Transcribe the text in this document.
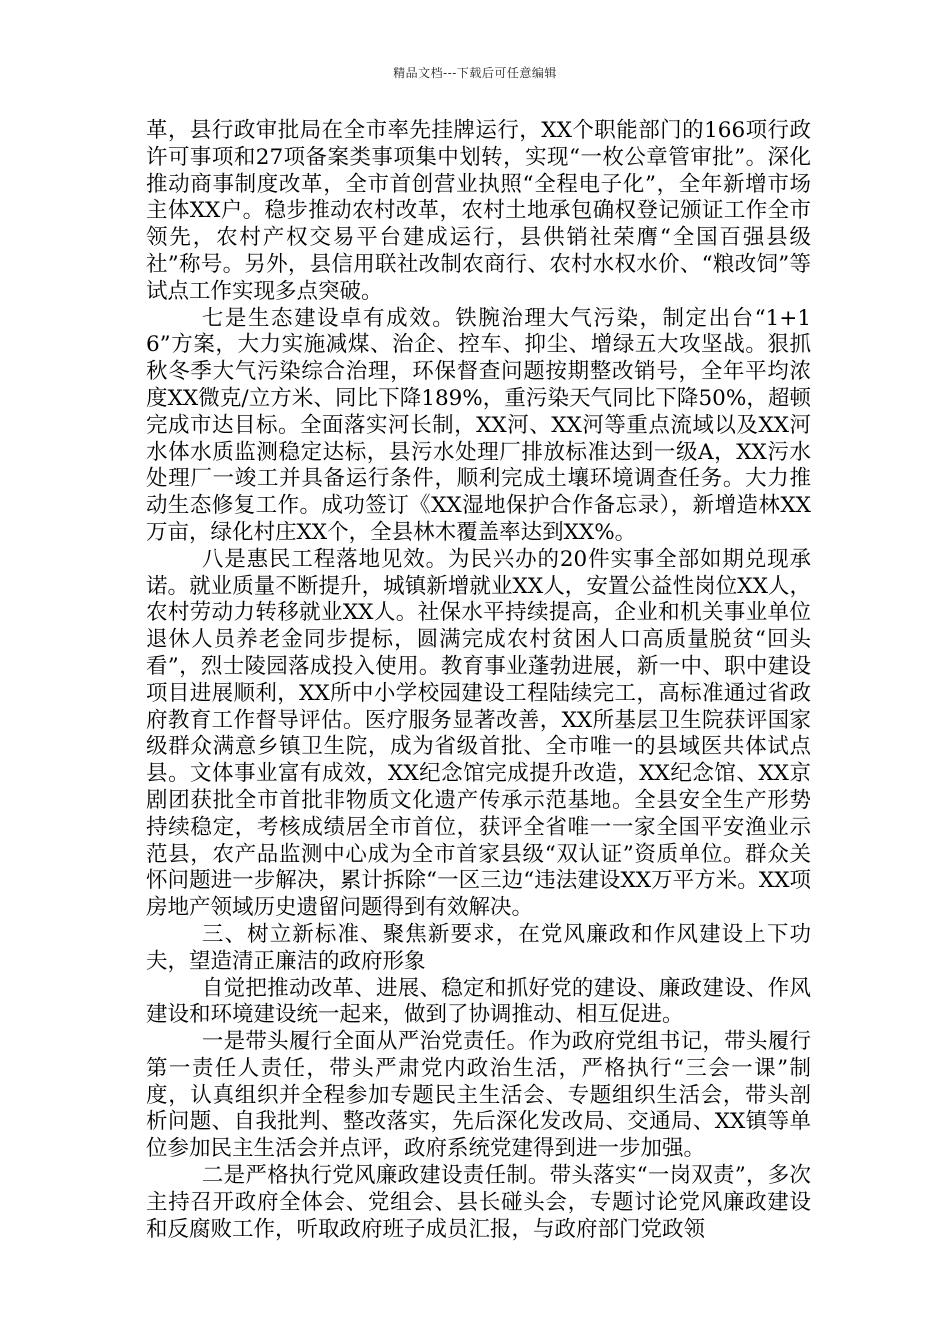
精品文档---下载后可任意编辑

革，县行政审批局在全市率先挂牌运行，XX个职能部门的166项行政许可事项和27项备案类事项集中划转，实现“一枚公章管审批”。深化推动商事制度改革，全市首创营业执照“全程电子化”，全年新增市场主体XX户。稳步推动农村改革，农村土地承包确权登记颁证工作全市领先，农村产权交易平台建成运行，县供销社荣膺“全国百强县级社”称号。另外，县信用联社改制农商行、农村水权水价、“粮改饲”等试点工作实现多点突破。

七是生态建设卓有成效。铁腕治理大气污染，制定出台“1+16”方案，大力实施减煤、治企、控车、抑尘、增绿五大攻坚战。狠抓秋冬季大气污染综合治理，环保督查问题按期整改销号，全年平均浓度XX微克/立方米、同比下降189%，重污染天气同比下降50%，超顿完成市达目标。全面落实河长制，XX河、XX河等重点流域以及XX河水体水质监测稳定达标，县污水处理厂排放标准达到一级A，XX污水处理厂一竣工并具备运行条件，顺利完成土壤环境调查任务。大力推动生态修复工作。成功签订《XX湿地保护合作备忘录），新增造林XX万亩，绿化村庄XX个，全县林木覆盖率达到XX%。

八是惠民工程落地见效。为民兴办的20件实事全部如期兑现承诺。就业质量不断提升，城镇新增就业XX人，安置公益性岗位XX人，农村劳动力转移就业XX人。社保水平持续提高，企业和机关事业单位退休人员养老金同步提标，圆满完成农村贫困人口高质量脱贫“回头看”，烈士陵园落成投入使用。教育事业蓬勃进展，新一中、职中建设项目进展顺利，XX所中小学校园建设工程陆续完工，高标准通过省政府教育工作督导评估。医疗服务显著改善，XX所基层卫生院获评国家级群众满意乡镇卫生院，成为省级首批、全市唯一的县域医共体试点县。文体事业富有成效，XX纪念馆完成提升改造，XX纪念馆、XX京剧团获批全市首批非物质文化遗产传承示范基地。全县安全生产形势持续稳定，考核成绩居全市首位，获评全省唯一一家全国平安渔业示范县，农产品监测中心成为全市首家县级“双认证”资质单位。群众关怀问题进一步解决，累计拆除“一区三边“违法建设XX万平方米。XX项房地产领域历史遗留问题得到有效解决。

三、树立新标准、聚焦新要求，在党风廉政和作风建设上下功夫，望造清正廉洁的政府形象

自觉把推动改革、进展、稳定和抓好党的建设、廉政建设、作风建设和环境建设统一起来，做到了协调推动、相互促进。

一是带头履行全面从严治党责任。作为政府党组书记，带头履行第一责任人责任，带头严肃党内政治生活，严格执行“三会一课”制度，认真组织并全程参加专题民主生活会、专题组织生活会，带头剖析问题、自我批判、整改落实，先后深化发改局、交通局、XX镇等单位参加民主生活会并点评，政府系统党建得到进一步加强。

二是严格执行党风廉政建设责任制。带头落实“一岗双责”，多次主持召开政府全体会、党组会、县长碰头会，专题讨论党风廉政建设和反腐败工作，听取政府班子成员汇报，与政府部门党政领
